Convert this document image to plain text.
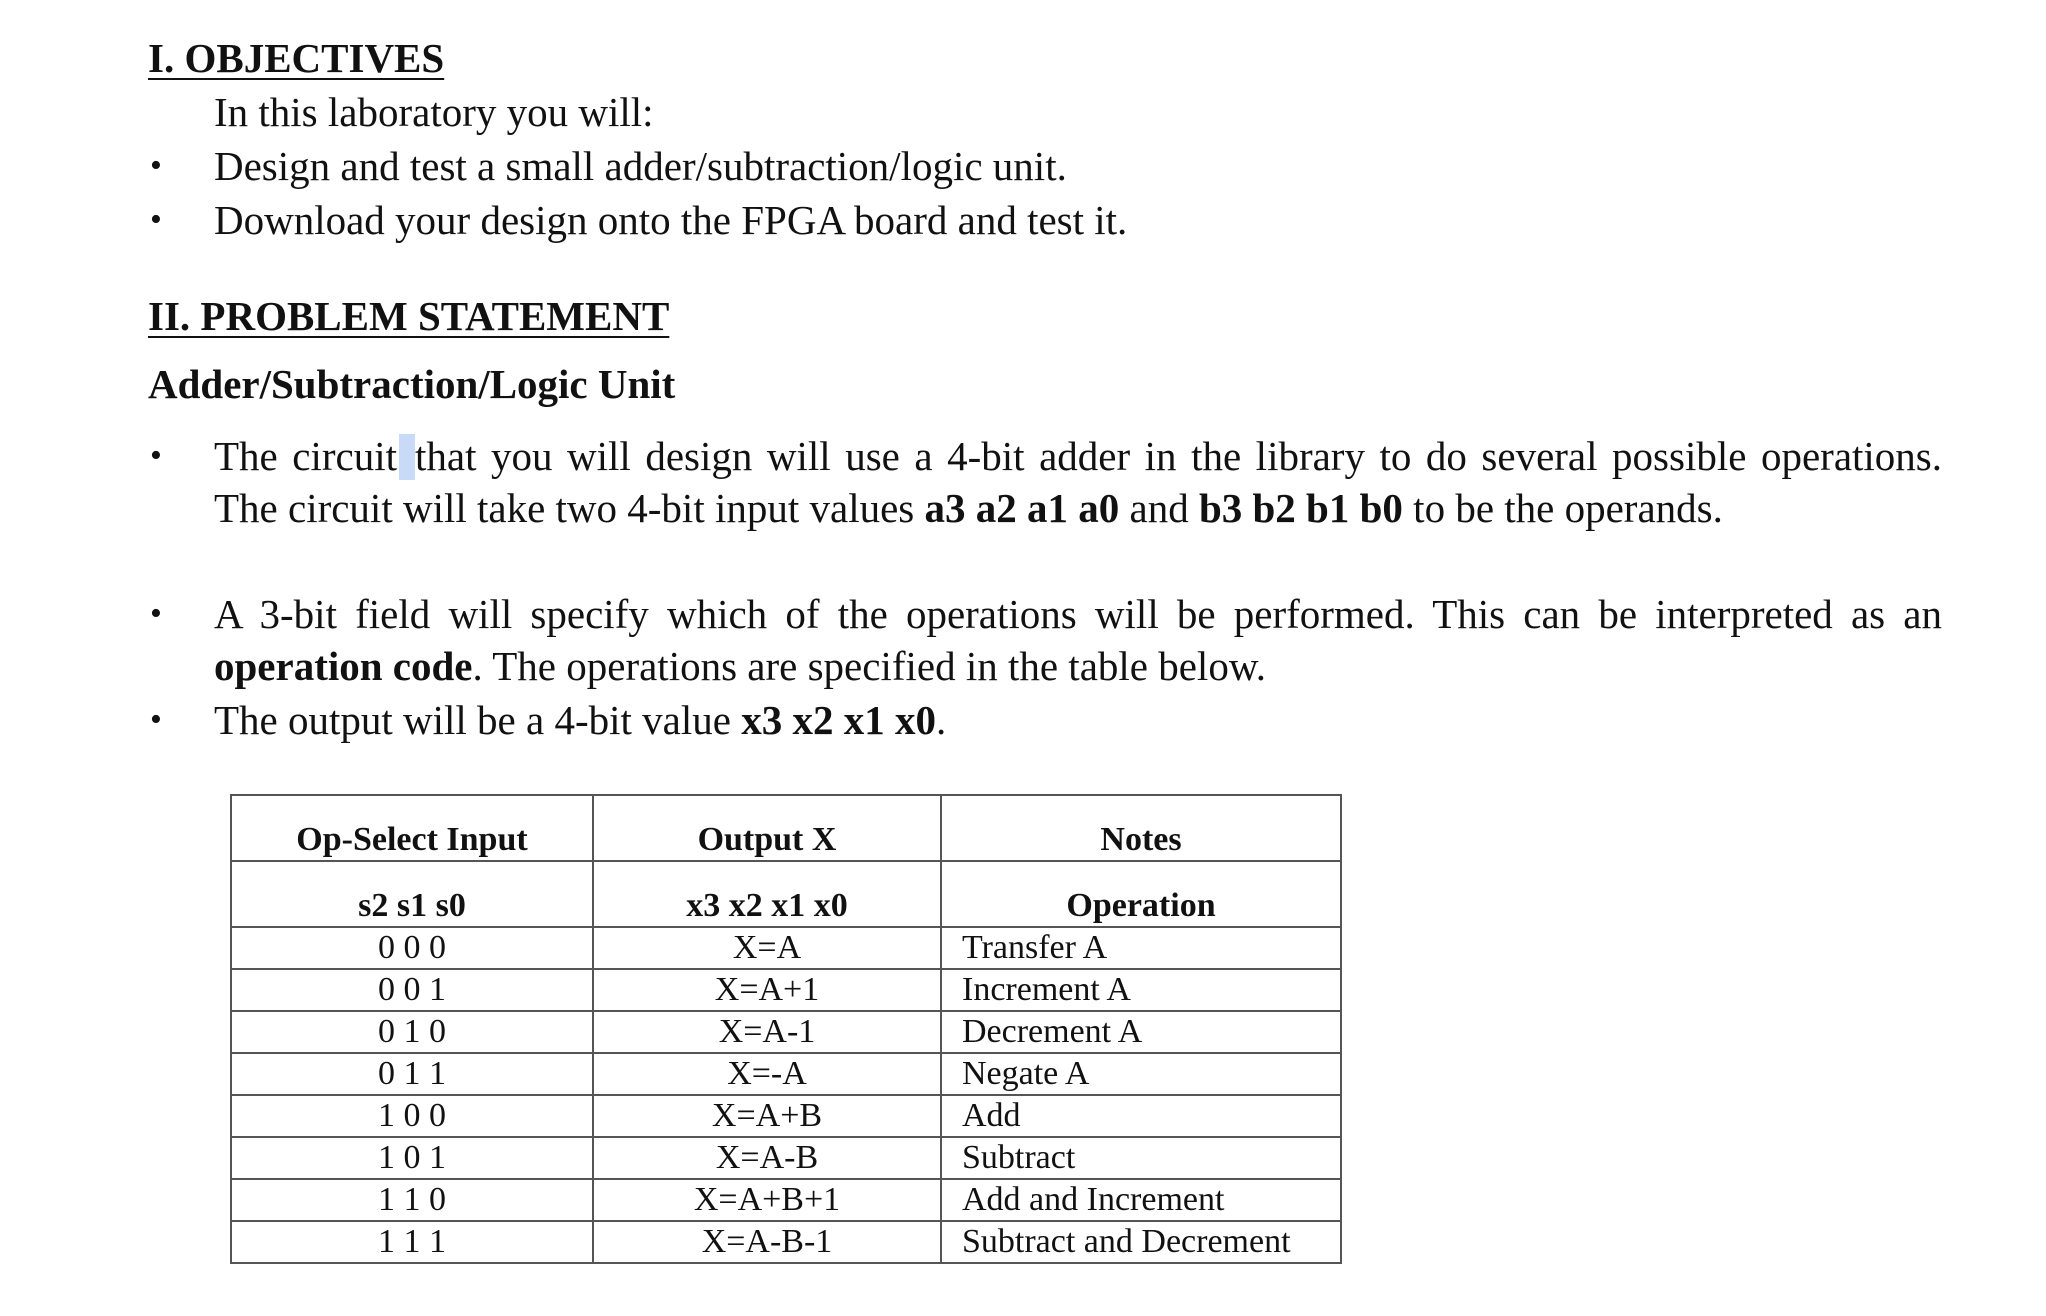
I. OBJECTIVES
In this laboratory you will:
• Design and test a small adder/subtraction/logic unit.
• Download your design onto the FPGA board and test it.
II. PROBLEM STATEMENT
Adder/Subtraction/Logic Unit
• The circuit that you will design will use a 4-bit adder in the library to do several possible operations. The circuit will take two 4-bit input values a3 a2 a1 a0 and b3 b2 b1 b0 to be the operands.
• A 3-bit field will specify which of the operations will be performed. This can be interpreted as an operation code. The operations are specified in the table below.
• The output will be a 4-bit value x3 x2 x1 x0.
Op-Select Input	Output X	Notes
s2 s1 s0	x3 x2 x1 x0	Operation
0 0 0	X=A	Transfer A
0 0 1	X=A+1	Increment A
0 1 0	X=A-1	Decrement A
0 1 1	X=-A	Negate A
1 0 0	X=A+B	Add
1 0 1	X=A-B	Subtract
1 1 0	X=A+B+1	Add and Increment
1 1 1	X=A-B-1	Subtract and Decrement
